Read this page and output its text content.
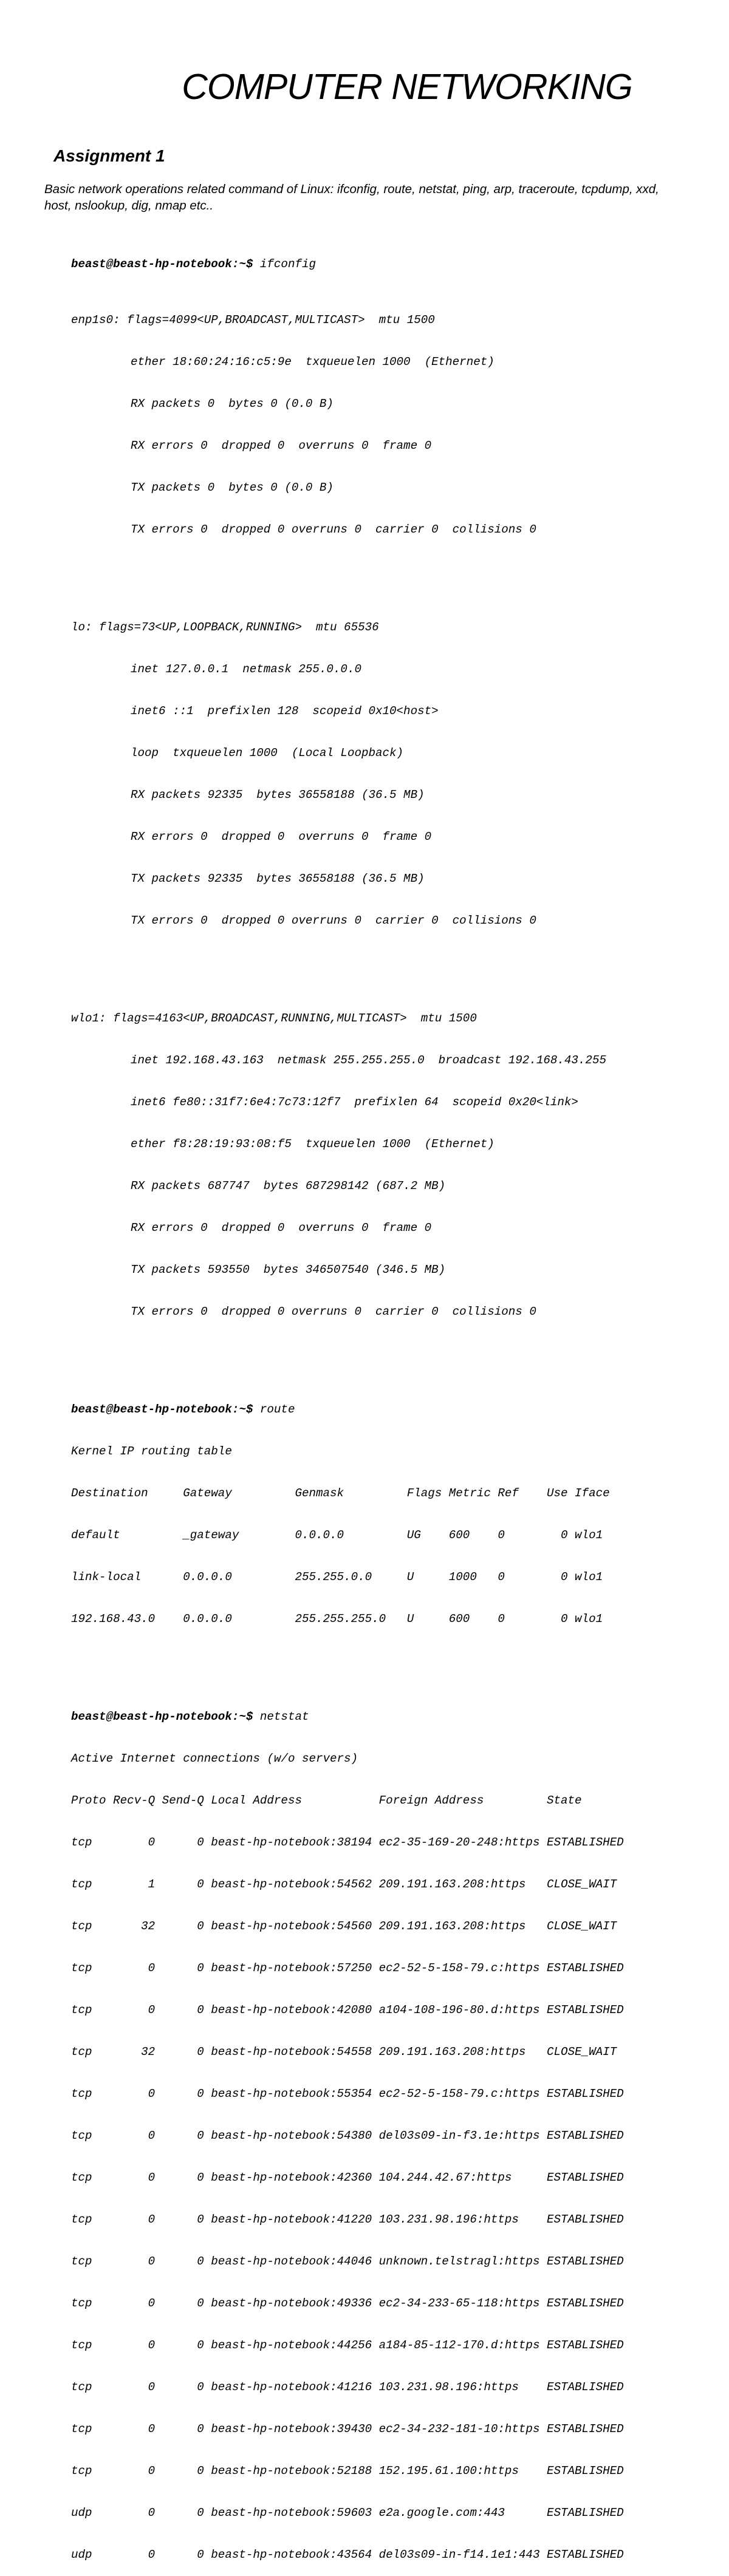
COMPUTER NETWORKING
Assignment 1

Basic network operations related command of Linux: ifconfig, route, netstat, ping, arp, traceroute, tcpdump, xxd, host, nslookup, dig, nmap etc..

beast@beast-hp-notebook:~$ ifconfig

enp1s0: flags=4099<UP,BROADCAST,MULTICAST>  mtu 1500

ether 18:60:24:16:c5:9e  txqueuelen 1000  (Ethernet)

RX packets 0  bytes 0 (0.0 B)

RX errors 0  dropped 0  overruns 0  frame 0

TX packets 0  bytes 0 (0.0 B)

TX errors 0  dropped 0 overruns 0  carrier 0  collisions 0

lo: flags=73<UP,LOOPBACK,RUNNING>  mtu 65536

inet 127.0.0.1  netmask 255.0.0.0

inet6 ::1  prefixlen 128  scopeid 0x10<host>

loop  txqueuelen 1000  (Local Loopback)

RX packets 92335  bytes 36558188 (36.5 MB)

RX errors 0  dropped 0  overruns 0  frame 0

TX packets 92335  bytes 36558188 (36.5 MB)

TX errors 0  dropped 0 overruns 0  carrier 0  collisions 0

wlo1: flags=4163<UP,BROADCAST,RUNNING,MULTICAST>  mtu 1500

inet 192.168.43.163  netmask 255.255.255.0  broadcast 192.168.43.255

inet6 fe80::31f7:6e4:7c73:12f7  prefixlen 64  scopeid 0x20<link>

ether f8:28:19:93:08:f5  txqueuelen 1000  (Ethernet)

RX packets 687747  bytes 687298142 (687.2 MB)

RX errors 0  dropped 0  overruns 0  frame 0

TX packets 593550  bytes 346507540 (346.5 MB)

TX errors 0  dropped 0 overruns 0  carrier 0  collisions 0

beast@beast-hp-notebook:~$ route

Kernel IP routing table

Destination     Gateway         Genmask         Flags Metric Ref    Use Iface

default         _gateway        0.0.0.0         UG    600    0        0 wlo1

link-local      0.0.0.0         255.255.0.0     U     1000   0        0 wlo1

192.168.43.0    0.0.0.0         255.255.255.0   U     600    0        0 wlo1

beast@beast-hp-notebook:~$ netstat

Active Internet connections (w/o servers)

Proto Recv-Q Send-Q Local Address           Foreign Address         State

tcp        0      0 beast-hp-notebook:38194 ec2-35-169-20-248:https ESTABLISHED

tcp        1      0 beast-hp-notebook:54562 209.191.163.208:https   CLOSE_WAIT

tcp       32      0 beast-hp-notebook:54560 209.191.163.208:https   CLOSE_WAIT

tcp        0      0 beast-hp-notebook:57250 ec2-52-5-158-79.c:https ESTABLISHED

tcp        0      0 beast-hp-notebook:42080 a104-108-196-80.d:https ESTABLISHED

tcp       32      0 beast-hp-notebook:54558 209.191.163.208:https   CLOSE_WAIT

tcp        0      0 beast-hp-notebook:55354 ec2-52-5-158-79.c:https ESTABLISHED

tcp        0      0 beast-hp-notebook:54380 del03s09-in-f3.1e:https ESTABLISHED

tcp        0      0 beast-hp-notebook:42360 104.244.42.67:https     ESTABLISHED

tcp        0      0 beast-hp-notebook:41220 103.231.98.196:https    ESTABLISHED

tcp        0      0 beast-hp-notebook:44046 unknown.telstragl:https ESTABLISHED

tcp        0      0 beast-hp-notebook:49336 ec2-34-233-65-118:https ESTABLISHED

tcp        0      0 beast-hp-notebook:44256 a184-85-112-170.d:https ESTABLISHED

tcp        0      0 beast-hp-notebook:41216 103.231.98.196:https    ESTABLISHED

tcp        0      0 beast-hp-notebook:39430 ec2-34-232-181-10:https ESTABLISHED

tcp        0      0 beast-hp-notebook:52188 152.195.61.100:https    ESTABLISHED

udp        0      0 beast-hp-notebook:59603 e2a.google.com:443      ESTABLISHED

udp        0      0 beast-hp-notebook:43564 del03s09-in-f14.1e1:443 ESTABLISHED
